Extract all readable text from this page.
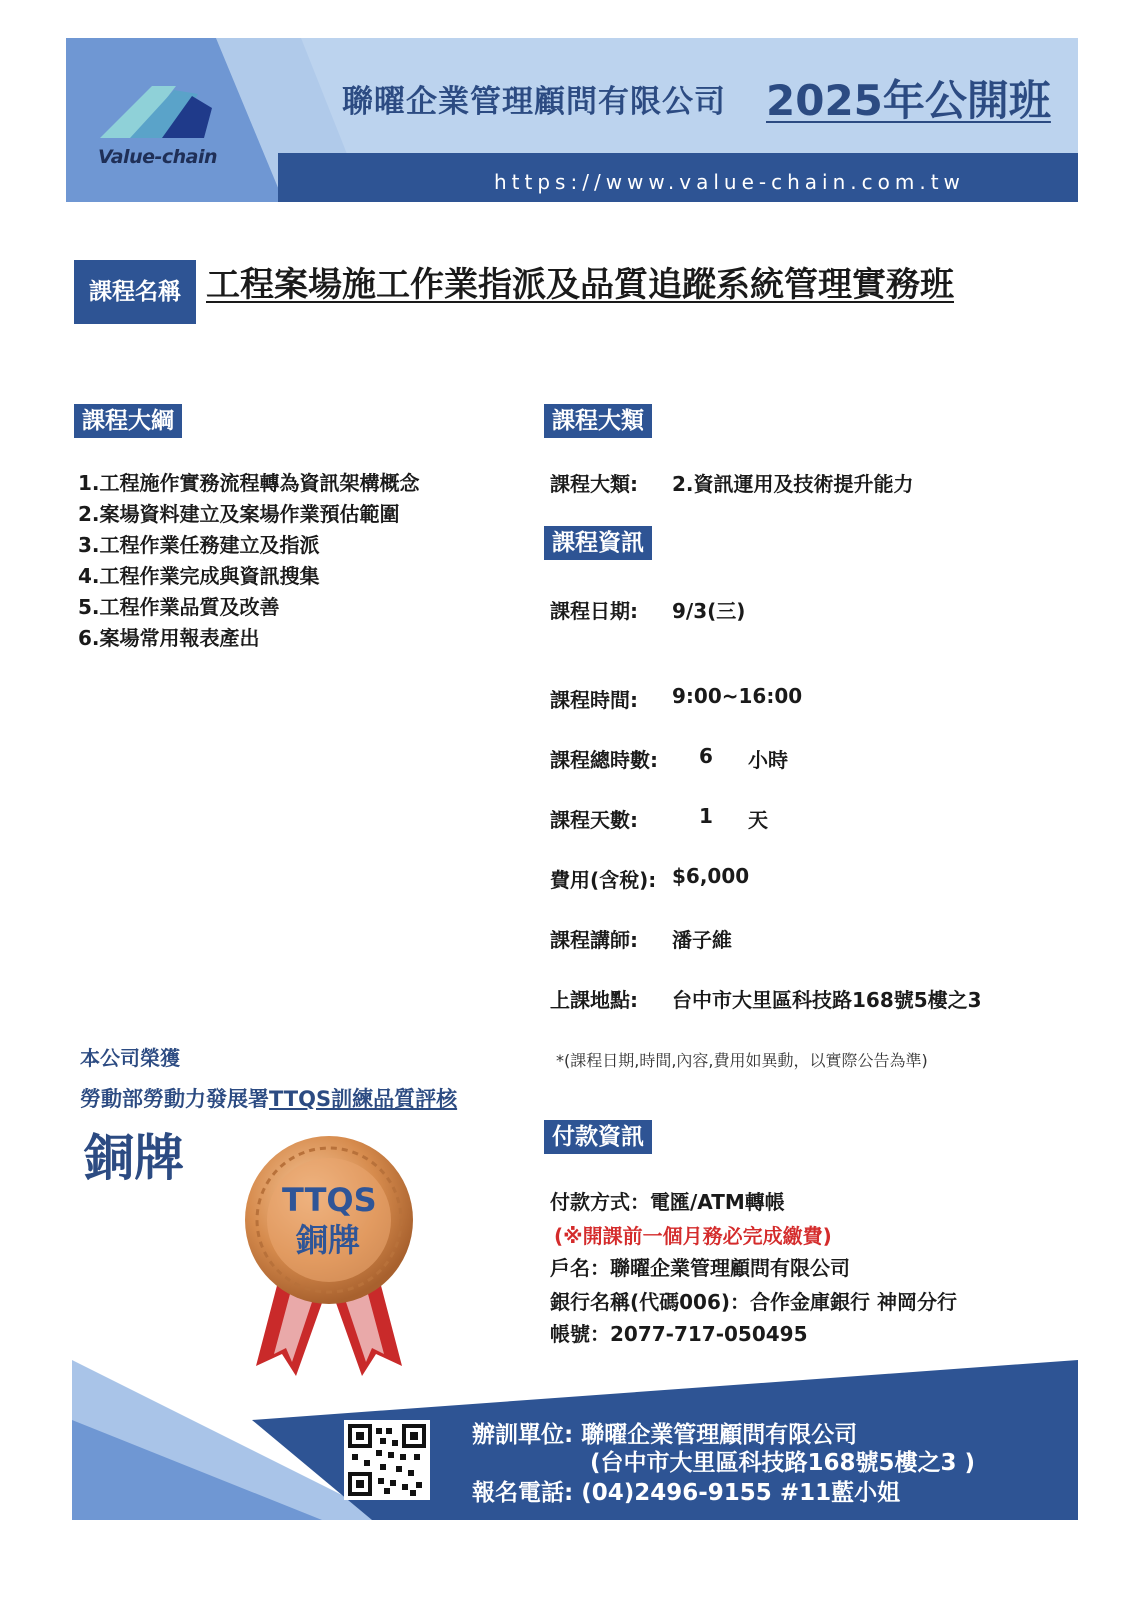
Value-chain
聯曜企業管理顧問有限公司 2025年公開班
https://www.value-chain.com.tw
課程名稱 工程案場施工作業指派及品質追蹤系統管理實務班
課程大綱
1.工程施作實務流程轉為資訊架構概念
2.案場資料建立及案場作業預估範圍
3.工程作業任務建立及指派
4.工程作業完成與資訊搜集
5.工程作業品質及改善
6.案場常用報表產出
課程大類
課程大類: 2.資訊運用及技術提升能力
課程資訊
課程日期: 9/3(三)
課程時間: 9:00~16:00
課程總時數: 6 小時
課程天數:	1 天
費用(含稅): $6,000
課程講師: 潘子維
上課地點: 台中市大里區科技路168號5樓之3
*(課程日期,時間,內容,費用如異動，以實際公告為準)
本公司榮獲
勞動部勞動力發展署TTQS訓練品質評核
銅牌
TTQS
銅牌
付款資訊
付款方式：電匯/ATM轉帳
(※開課前一個月務必完成繳費)
戶名：聯曜企業管理顧問有限公司
銀行名稱(代碼006)：合作金庫銀行 神岡分行
帳號：2077-717-050495
辦訓單位: 聯曜企業管理顧問有限公司
(台中市大里區科技路168號5樓之3 )
報名電話: (04)2496-9155 #11藍小姐
